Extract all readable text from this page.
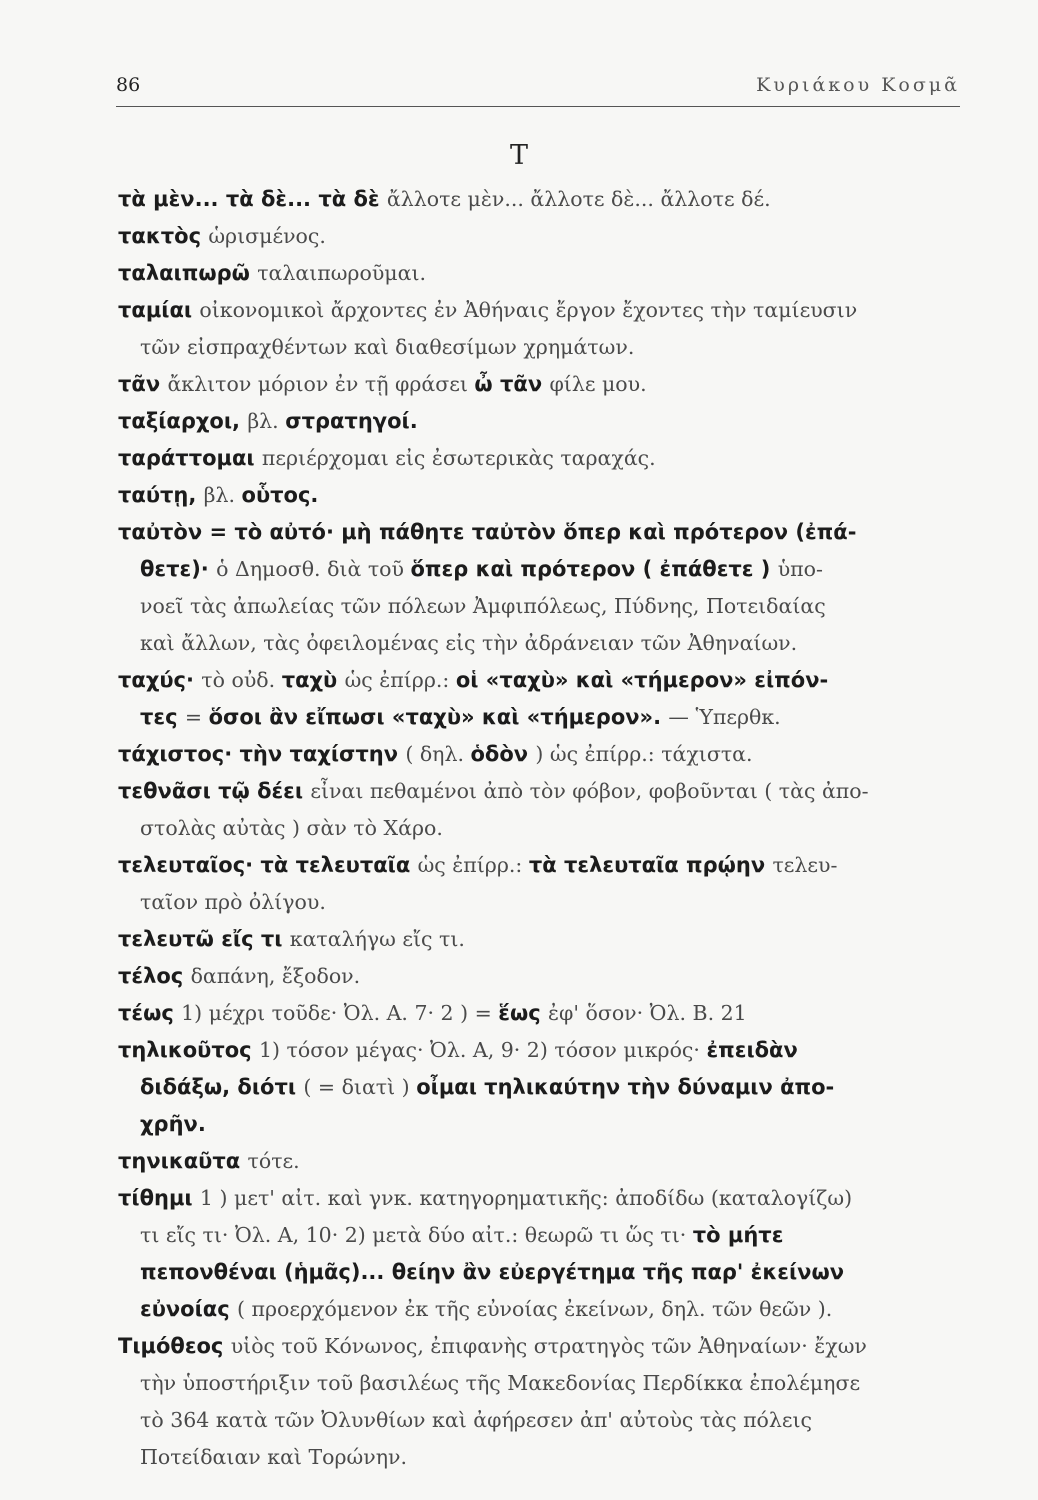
86	Κυριάκου Κοσμᾶ
T
τὰ μὲν... τὰ δὲ... τὰ δὲ ἄλλοτε μὲν... ἄλλοτε δὲ... ἄλλοτε δέ.
τακτὸς ὡρισμένος.
ταλαιπωρῶ ταλαιπωροῦμαι.
ταμίαι οἰκονομικοὶ ἄρχοντες ἐν Ἀθήναις ἔργον ἔχοντες τὴν ταμίευσιν
τῶν εἰσπραχθέντων καὶ διαθεσίμων χρημάτων.
τᾶν ἄκλιτον μόριον ἐν τῇ φράσει ὦ τᾶν φίλε μου.
ταξίαρχοι, βλ. στρατηγοί.
ταράττομαι περιέρχομαι εἰς ἐσωτερικὰς ταραχάς.
ταύτῃ, βλ. οὗτος.
ταὐτὸν = τὸ αὐτό· μὴ πάθητε ταὐτὸν ὅπερ καὶ πρότερον (ἐπά-
θετε)· ὁ Δημοσθ. διὰ τοῦ ὅπερ καὶ πρότερον ( ἐπάθετε ) ὑπο-
νοεῖ τὰς ἀπωλείας τῶν πόλεων Ἀμφιπόλεως, Πύδνης, Ποτειδαίας
καὶ ἄλλων, τὰς ὀφειλομένας εἰς τὴν ἀδράνειαν τῶν Ἀθηναίων.
ταχύς· τὸ οὐδ. ταχὺ ὡς ἐπίρρ.: οἱ «ταχὺ» καὶ «τήμερον» εἰπόν-
τες = ὅσοι ἂν εἴπωσι «ταχὺ» καὶ «τήμερον». — Ὑπερθκ.
τάχιστος· τὴν ταχίστην ( δηλ. ὁδὸν ) ὡς ἐπίρρ.: τάχιστα.
τεθνᾶσι τῷ δέει εἶναι πεθαμένοι ἀπὸ τὸν φόβον, φοβοῦνται ( τὰς ἀπο-
στολὰς αὐτὰς ) σὰν τὸ Χάρο.
τελευταῖος· τὰ τελευταῖα ὡς ἐπίρρ.: τὰ τελευταῖα πρῴην τελευ-
ταῖον πρὸ ὀλίγου.
τελευτῶ εἴς τι καταλήγω εἴς τι.
τέλος δαπάνη, ἔξοδον.
τέως 1) μέχρι τοῦδε· Ὀλ. Α. 7· 2 ) = ἕως ἐφ' ὅσον· Ὀλ. Β. 21
τηλικοῦτος 1) τόσον μέγας· Ὀλ. Α, 9· 2) τόσον μικρός· ἐπειδὰν
διδάξω, διότι ( = διατὶ ) οἶμαι τηλικαύτην τὴν δύναμιν ἀπο-
χρῆν.
τηνικαῦτα τότε.
τίθημι 1 ) μετ' αἰτ. καὶ γνκ. κατηγορηματικῆς: ἀποδίδω (καταλογίζω)
τι εἴς τι· Ὀλ. Α, 10· 2) μετὰ δύο αἰτ.: θεωρῶ τι ὥς τι· τὸ μήτε
πεπονθέναι (ἡμᾶς)... θείην ἂν εὐεργέτημα τῆς παρ' ἐκείνων
εὐνοίας ( προερχόμενον ἐκ τῆς εὐνοίας ἐκείνων, δηλ. τῶν θεῶν ).
Τιμόθεος υἱὸς τοῦ Κόνωνος, ἐπιφανὴς στρατηγὸς τῶν Ἀθηναίων· ἔχων
τὴν ὑποστήριξιν τοῦ βασιλέως τῆς Μακεδονίας Περδίκκα ἐπολέμησε
τὸ 364 κατὰ τῶν Ὀλυνθίων καὶ ἀφήρεσεν ἀπ' αὐτοὺς τὰς πόλεις
Ποτείδαιαν καὶ Τορώνην.
